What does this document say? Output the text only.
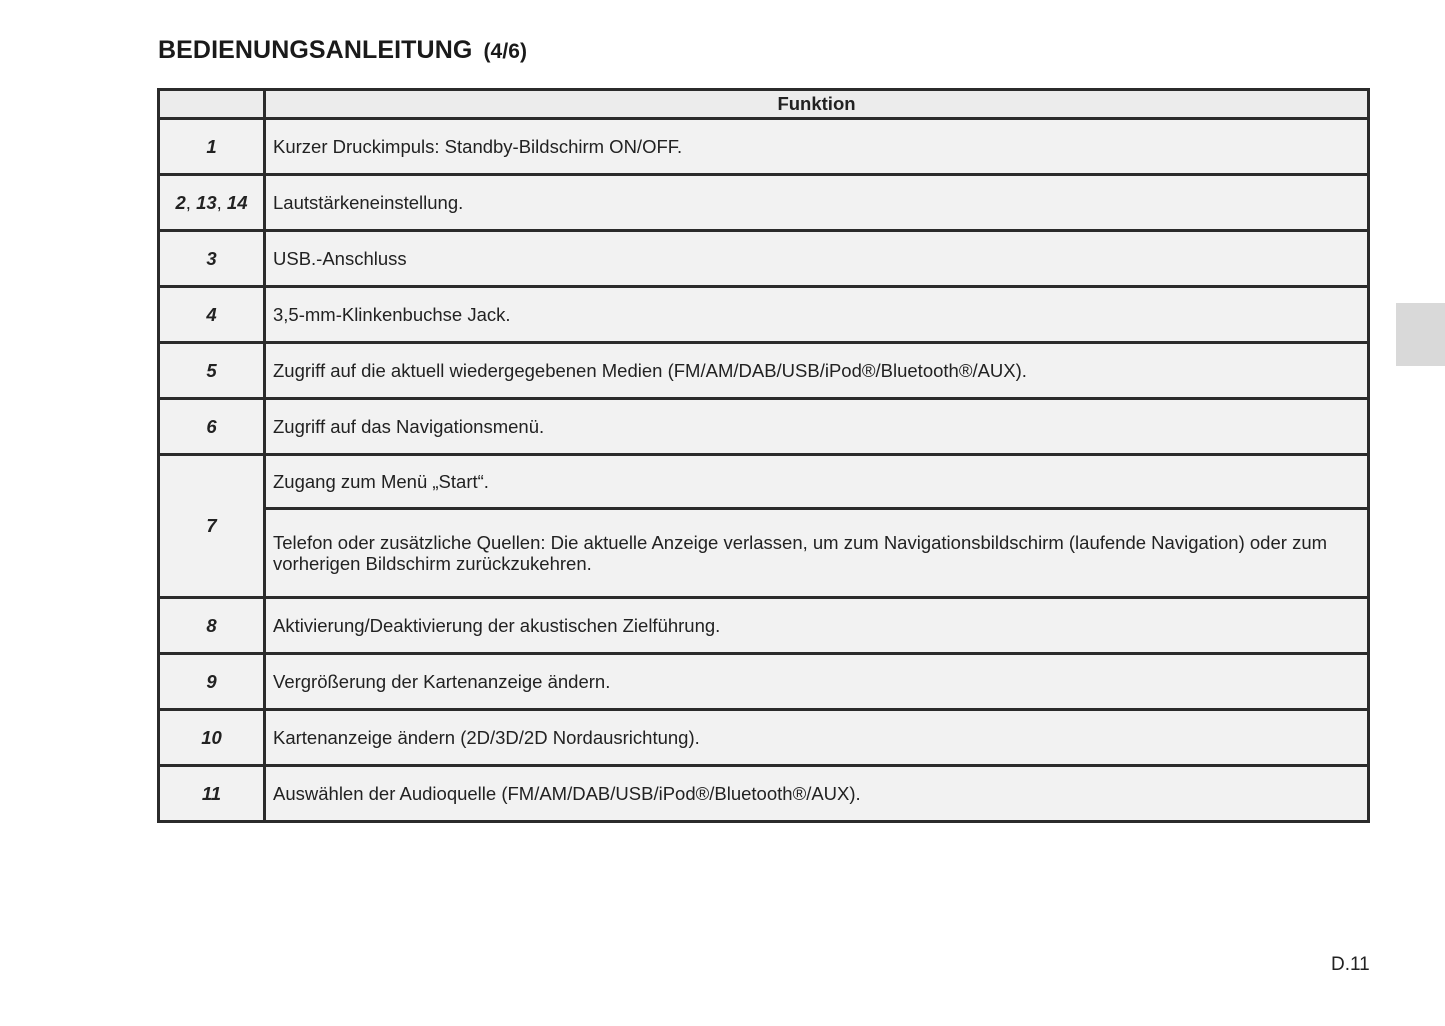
BEDIENUNGSANLEITUNG (4/6)
	Funktion
1	Kurzer Druckimpuls: Standby-Bildschirm ON/OFF.
2, 13, 14	Lautstärkeneinstellung.
3	USB.-Anschluss
4	3,5-mm-Klinkenbuchse Jack.
5	Zugriff auf die aktuell wiedergegebenen Medien (FM/AM/DAB/USB/iPod®/Bluetooth®/AUX).
6	Zugriff auf das Navigationsmenü.
7	Zugang zum Menü „Start“.
	Telefon oder zusätzliche Quellen: Die aktuelle Anzeige verlassen, um zum Navigationsbildschirm (laufende Navigation) oder zum vorherigen Bildschirm zurückzukehren.
8	Aktivierung/Deaktivierung der akustischen Zielführung.
9	Vergrößerung der Kartenanzeige ändern.
10	Kartenanzeige ändern (2D/3D/2D Nordausrichtung).
11	Auswählen der Audioquelle (FM/AM/DAB/USB/iPod®/Bluetooth®/AUX).
D.11
